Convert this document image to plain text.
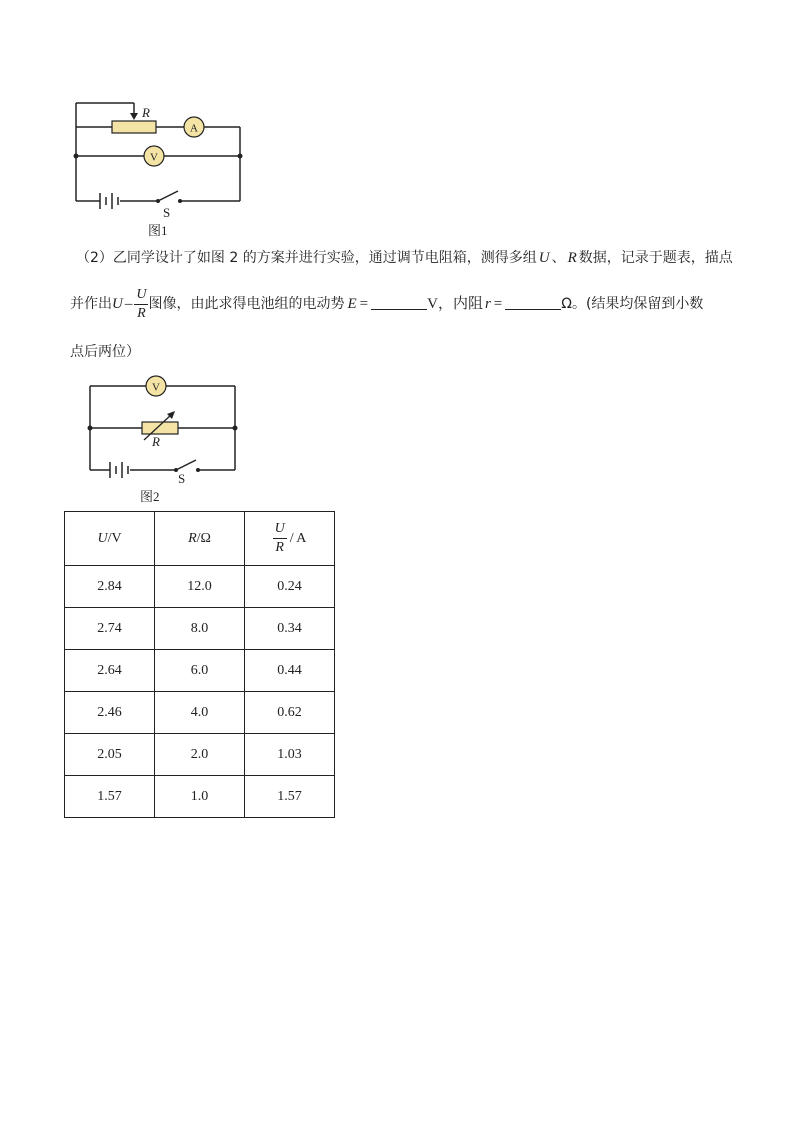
R
A
V
S
图1
（2）乙同学设计了如图 2 的方案并进行实验，通过调节电阻箱，测得多组 U 、 R 数据，记录于题表，描点
并作出U – $\frac{U}{R}$ 图像，由此求得电池组的电动势 E =	V，内阻 r =	Ω。(结果均保留到小数
点后两位）
V
R
S
图2
U/V	R/Ω	$\frac{U}{R}$ / A
2.84	12.0	0.24
2.74	8.0	0.34
2.64	6.0	0.44
2.46	4.0	0.62
2.05	2.0	1.03
1.57	1.0	1.57
